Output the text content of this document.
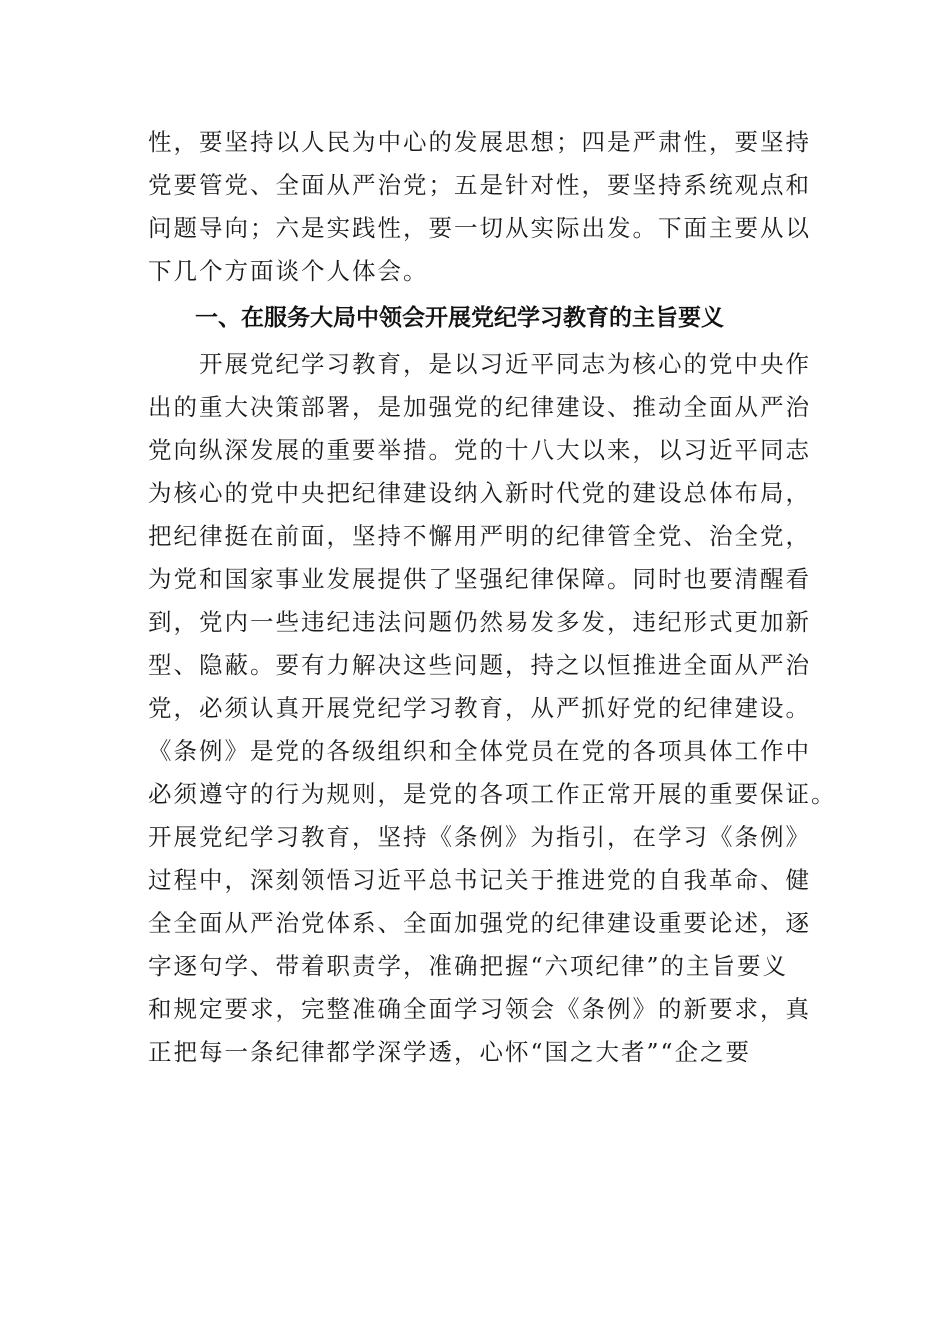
性，要坚持以人民为中心的发展思想；四是严肃性，要坚持
党要管党、全面从严治党；五是针对性，要坚持系统观点和
问题导向；六是实践性，要一切从实际出发。下面主要从以
下几个方面谈个人体会。
一、在服务大局中领会开展党纪学习教育的主旨要义
　　开展党纪学习教育，是以习近平同志为核心的党中央作
出的重大决策部署，是加强党的纪律建设、推动全面从严治
党向纵深发展的重要举措。党的十八大以来，以习近平同志
为核心的党中央把纪律建设纳入新时代党的建设总体布局，
把纪律挺在前面，坚持不懈用严明的纪律管全党、治全党，
为党和国家事业发展提供了坚强纪律保障。同时也要清醒看
到，党内一些违纪违法问题仍然易发多发，违纪形式更加新
型、隐蔽。要有力解决这些问题，持之以恒推进全面从严治
党，必须认真开展党纪学习教育，从严抓好党的纪律建设。
《条例》是党的各级组织和全体党员在党的各项具体工作中
必须遵守的行为规则，是党的各项工作正常开展的重要保证。
开展党纪学习教育，坚持《条例》为指引，在学习《条例》
过程中，深刻领悟习近平总书记关于推进党的自我革命、健
全全面从严治党体系、全面加强党的纪律建设重要论述，逐
字逐句学、带着职责学，准确把握“六项纪律”的主旨要义
和规定要求，完整准确全面学习领会《条例》的新要求，真
正把每一条纪律都学深学透，心怀“国之大者”“企之要
